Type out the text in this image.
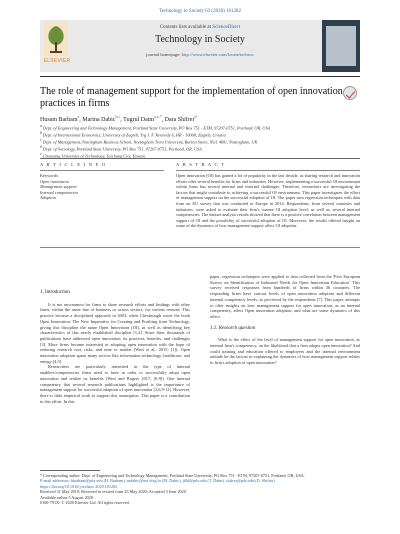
Technology in Society 63 (2020) 101282
ELSEVIER
Contents lists available at ScienceDirect
Technology in Society
journal homepage: http://www.elsevier.com/locate/techsoc
The role of management support for the implementation of open innovation practices in firms
Husam Barham$^a$, Marina Dabic$^{b,c}$, Tugrul Daim$^{a,e,*}$, Dara Shifrer$^d$
$^a$ Dept. of Engineering and Technology Management, Portland State University, PO Box 751 - ETM, 97207-0751, Portland, OR, USA
$^b$ Dept. of International Economics, University of Zagreb, Trg J. F. Kennedy 6, HR - 10000, Zagreb, Croatia
$^c$ Dept. of Management, Nottingham Business School, Nottingham Trent University, Burton Street, NG1 4BU, Nottingham, UK
$^d$ Dept. of Sociology, Portland State University, PO Box 751, 97207-0751, Portland, OR, USA
$^e$ Chaoyang University of Technology, Taichung City, Taiwan
A R T I C L E I N F O	A B S T R A C T
Keywords:
Open innovation
Management support
Internal competencies
Adoption
Open innovation (OI) has gained a lot of popularity in the last decade, as sharing research and innovation efforts offer several benefits for firms and industries. However, implementing a successful OI environment within firms has several internal and external challenges. Therefore, researchers are investigating the factors that might contribute to achieving a successful OI environment. This paper investigates the effect of management support on the successful adoption of OI. The paper uses regression techniques with data from an EU survey that was conducted in Europe in 2014. Respondents, from several countries and industries, were asked to evaluate their firm's current OI adoption level, as well as, several internal competencies. The dataset analysis results showed that there is a positive correlation between management support of OI and the possibility of successful adoption of OI. Moreover, the results offered insight on some of the dynamics of how management support affect OI adoption.
1. Introduction

It is not uncommon for firms to share research efforts and findings with other firms, within the same line of business or across sectors, for various reasons. This practice became a disciplined approach in 2003, when Chesbrough wrote the book Open Innovation: The New Imperative for Creating and Profiting from Technology, giving this discipline the name Open Innovation (OI), as well as identifying key characteristics of this newly established discipline [1,2]. Since then, thousands of publications have addressed open innovation, its practices, benefits, and challenges [3]. More firms became interested in adopting open innovation with the hope of reducing research cost, risks, and time to market (West et al., 2015; [1]). Open innovation adoption spans many sectors like information technology, healthcare, and energy [4,5].

Researchers are particularly interested in the type of internal enablers/competencies firms need to have in order to successfully adopt open innovation and realize its benefits (West and Bogers 2017; [6-9]). One internal competency that several research publications highlighted is the importance of management support for successful adoption of open innovation [2,6,9-12]. However, there is little empirical work to support this assumption. This paper is a contribution in this effort. In this

paper, regression techniques were applied to data collected from the 'First European Survey on Identification of Industrial Needs for Open Innovation Education.' This survey received responses from hundreds of firms within 36 countries. The responding firms have various levels of open innovation adoption and different internal competency levels, as perceived by the respondents [7]. This paper, attempts to offer insights on how management support for open innovation, as an internal competency, affect Open innovation adoption, and what are some dynamics of this effect.

1.1. Research question

What is the effect of the level of management support for open innovation, as internal firm's competency, on the likelihood that a firm adopts open innovation? And could training and education offered to employees and the internal environment attitude be the factors in explaining the dynamics of how management support relates to firm's adoption of open innovation?

* Corresponding author. Dept. of Engineering and Technology Management, Portland State University, PO Box 751 - ETM, 97207-0751, Portland, OR, USA.
E-mail addresses: hbarham@pdx.edu (H. Barham), mdabic@net.efzg.hr (M. Dabic), ji8d@pdx.edu (T. Daim), shifrer@pdx.edu (D. Shifrer).
https://doi.org/10.1016/j.techsoc.2020.101282
Received 31 May 2019; Received in revised form 23 May 2020; Accepted 3 June 2020
Available online 5 August 2020
0160-791X/ © 2020 Elsevier Ltd. All rights reserved.
